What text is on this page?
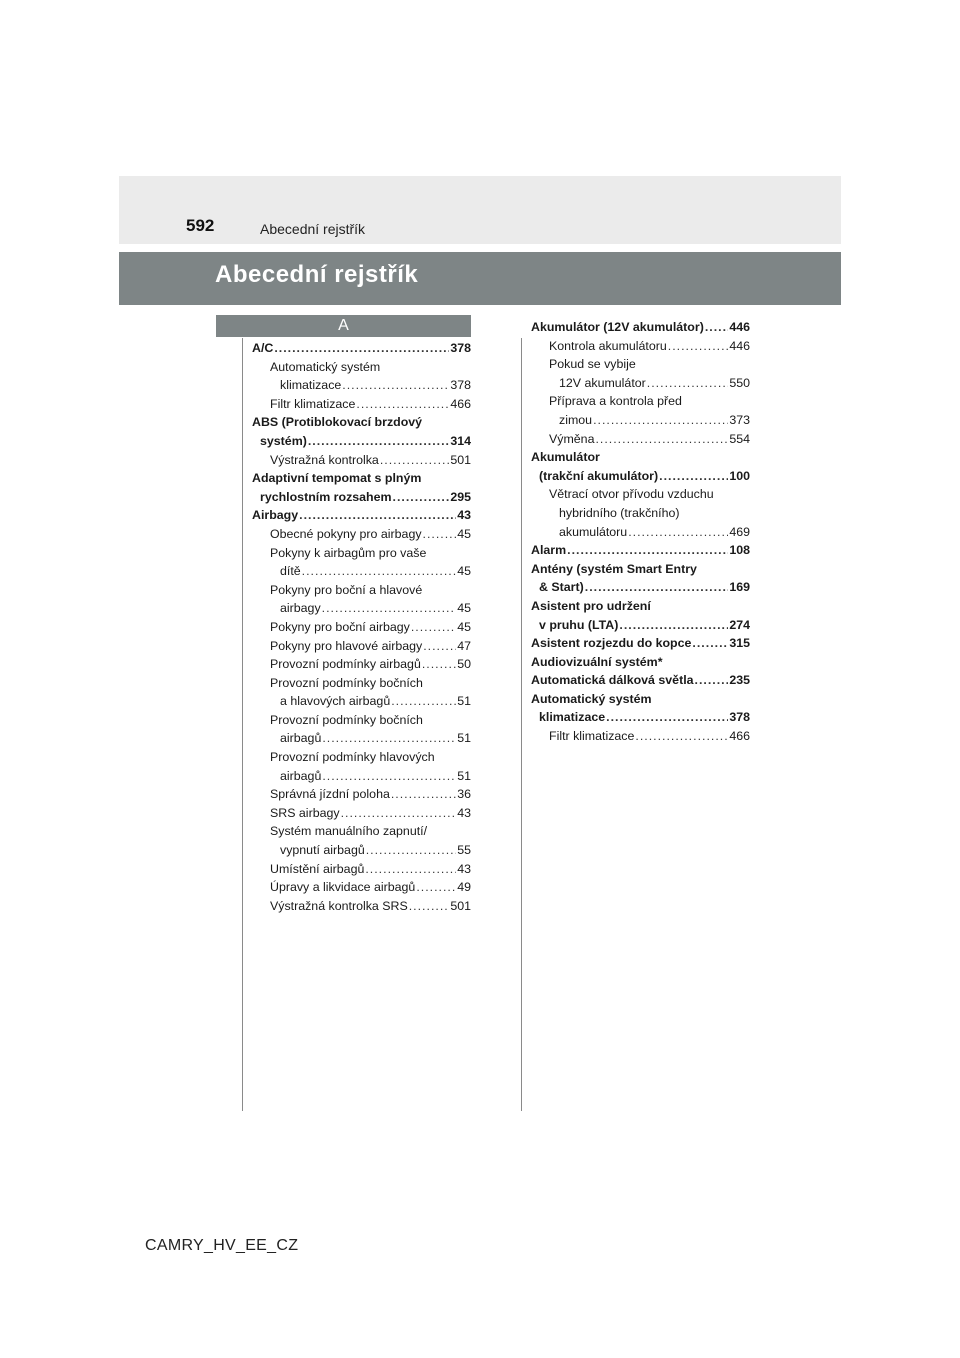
592	Abecední rejstřík
Abecední rejstřík
A
A/C .....	378
Automatický systém
klimatizace .....	378
Filtr klimatizace .....	466
ABS (Protiblokovací brzdový
systém) .....	314
Výstražná kontrolka .....	501
Adaptivní tempomat s plným
rychlostním rozsahem .....	295
Airbagy .....	43
Obecné pokyny pro airbagy .....	45
Pokyny k airbagům pro vaše
dítě .....	45
Pokyny pro boční a hlavové
airbagy .....	45
Pokyny pro boční airbagy .....	45
Pokyny pro hlavové airbagy .....	47
Provozní podmínky airbagů .....	50
Provozní podmínky bočních
a hlavových airbagů .....	51
Provozní podmínky bočních
airbagů .....	51
Provozní podmínky hlavových
airbagů .....	51
Správná jízdní poloha .....	36
SRS airbagy .....	43
Systém manuálního zapnutí/
vypnutí airbagů .....	55
Umístění airbagů .....	43
Úpravy a likvidace airbagů .....	49
Výstražná kontrolka SRS .....	501
Akumulátor (12V akumulátor) ..... 446
Kontrola akumulátoru .....	446
Pokud se vybije
12V akumulátor .....	550
Příprava a kontrola před
zimou .....	373
Výměna .....	554
Akumulátor
(trakční akumulátor) .....	100
Větrací otvor přívodu vzduchu
hybridního (trakčního)
akumulátoru .....	469
Alarm .....	108
Antény (systém Smart Entry
& Start) .....	169
Asistent pro udržení
v pruhu (LTA) .....	274
Asistent rozjezdu do kopce .....	315
Audiovizuální systém*
Automatická dálková světla .....	235
Automatický systém
klimatizace .....	378
Filtr klimatizace .....	466
CAMRY_HV_EE_CZ
